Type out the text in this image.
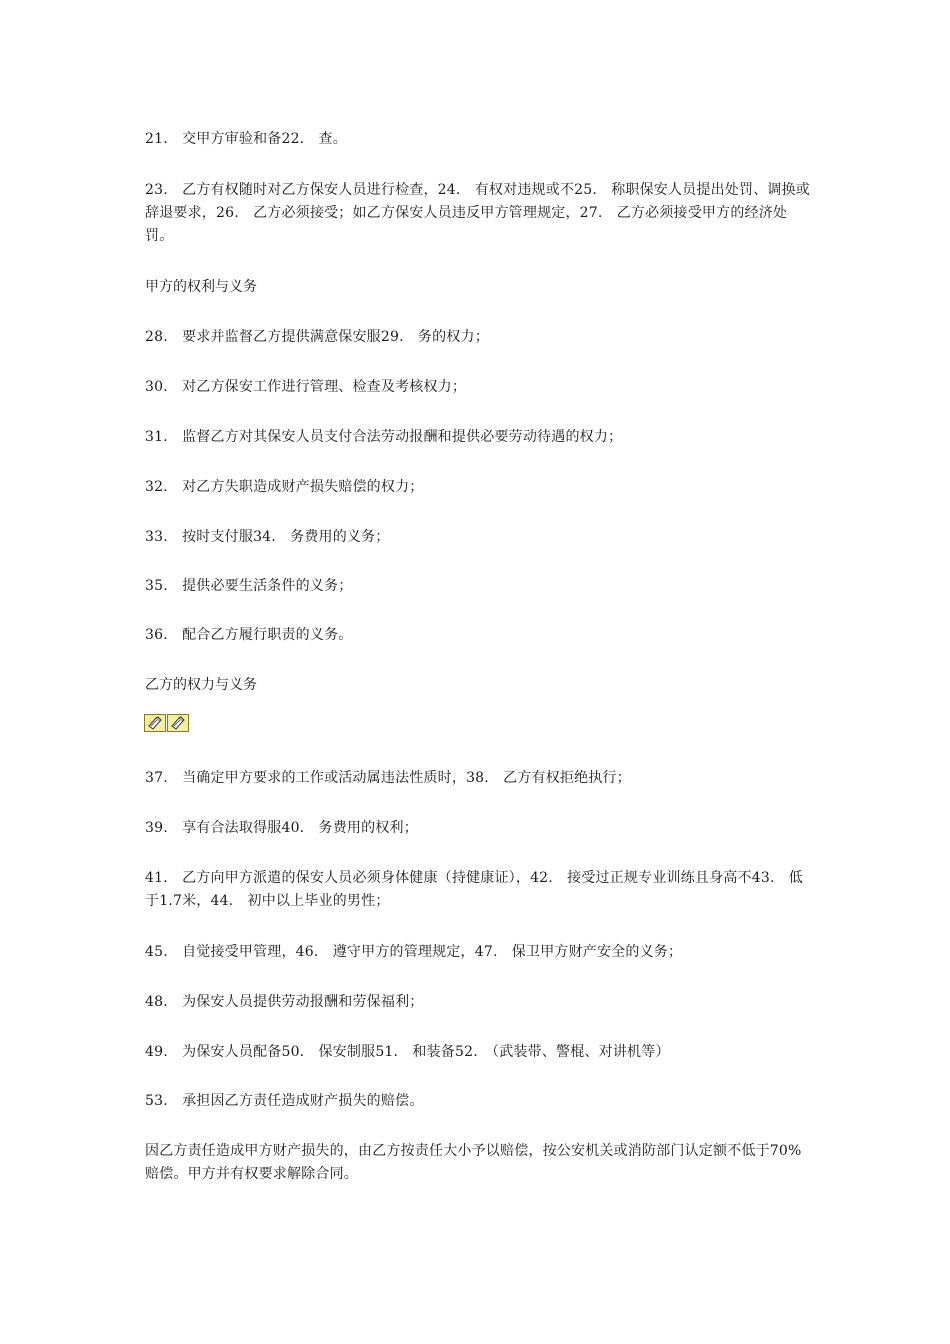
21.　交甲方审验和备22.　查。
23.　乙方有权随时对乙方保安人员进行检查，24.　有权对违规或不25.　称职保安人员提出处罚、调换或辞退要求，26.　乙方必须接受；如乙方保安人员违反甲方管理规定，27.　乙方必须接受甲方的经济处罚。
甲方的权利与义务
28.　要求并监督乙方提供满意保安服29.　务的权力；
30.　对乙方保安工作进行管理、检查及考核权力；
31.　监督乙方对其保安人员支付合法劳动报酬和提供必要劳动待遇的权力；
32.　对乙方失职造成财产损失赔偿的权力；
33.　按时支付服34.　务费用的义务；
35.　提供必要生活条件的义务；
36.　配合乙方履行职责的义务。
乙方的权力与义务
37.　当确定甲方要求的工作或活动属违法性质时，38.　乙方有权拒绝执行；
39.　享有合法取得服40.　务费用的权利；
41.　乙方向甲方派遣的保安人员必须身体健康（持健康证），42.　接受过正规专业训练且身高不43.　低于1.7米，44.　初中以上毕业的男性；
45.　自觉接受甲管理，46.　遵守甲方的管理规定，47.　保卫甲方财产安全的义务；
48.　为保安人员提供劳动报酬和劳保福利；
49.　为保安人员配备50.　保安制服51.　和装备52.　（武装带、警棍、对讲机等）
53.　承担因乙方责任造成财产损失的赔偿。
因乙方责任造成甲方财产损失的，由乙方按责任大小予以赔偿，按公安机关或消防部门认定额不低于70%赔偿。甲方并有权要求解除合同。
